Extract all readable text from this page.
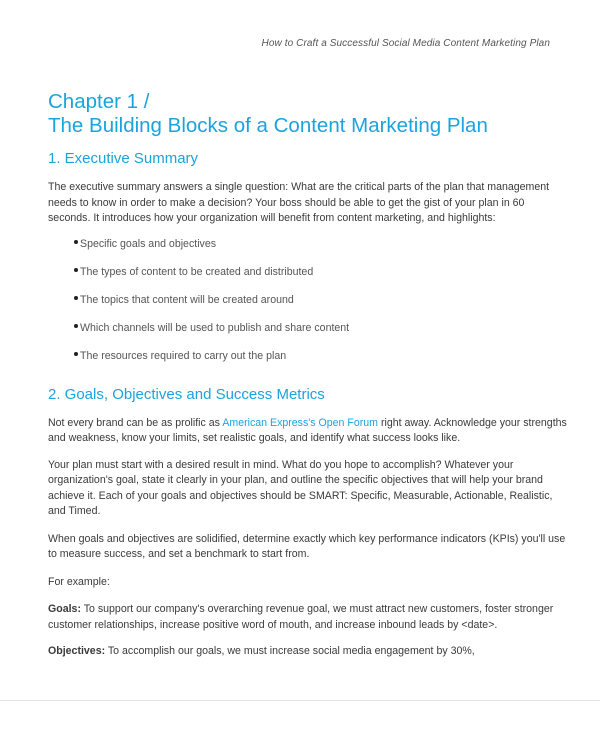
How to Craft a Successful Social Media Content Marketing Plan
Chapter 1 /
The Building Blocks of a Content Marketing Plan
1. Executive Summary

The executive summary answers a single question: What are the critical parts of the plan that management needs to know in order to make a decision? Your boss should be able to get the gist of your plan in 60 seconds. It introduces how your organization will benefit from content marketing, and highlights:

Specific goals and objectives
The types of content to be created and distributed
The topics that content will be created around
Which channels will be used to publish and share content
The resources required to carry out the plan
2. Goals, Objectives and Success Metrics

Not every brand can be as prolific as American Express's Open Forum right away. Acknowledge your strengths and weakness, know your limits, set realistic goals, and identify what success looks like.

Your plan must start with a desired result in mind. What do you hope to accomplish? Whatever your organization's goal, state it clearly in your plan, and outline the specific objectives that will help your brand achieve it. Each of your goals and objectives should be SMART: Specific, Measurable, Actionable, Realistic, and Timed.

When goals and objectives are solidified, determine exactly which key performance indicators (KPIs) you'll use to measure success, and set a benchmark to start from.

For example:

Goals: To support our company's overarching revenue goal, we must attract new customers, foster stronger customer relationships, increase positive word of mouth, and increase inbound leads by <date>.

Objectives: To accomplish our goals, we must increase social media engagement by 30%,
